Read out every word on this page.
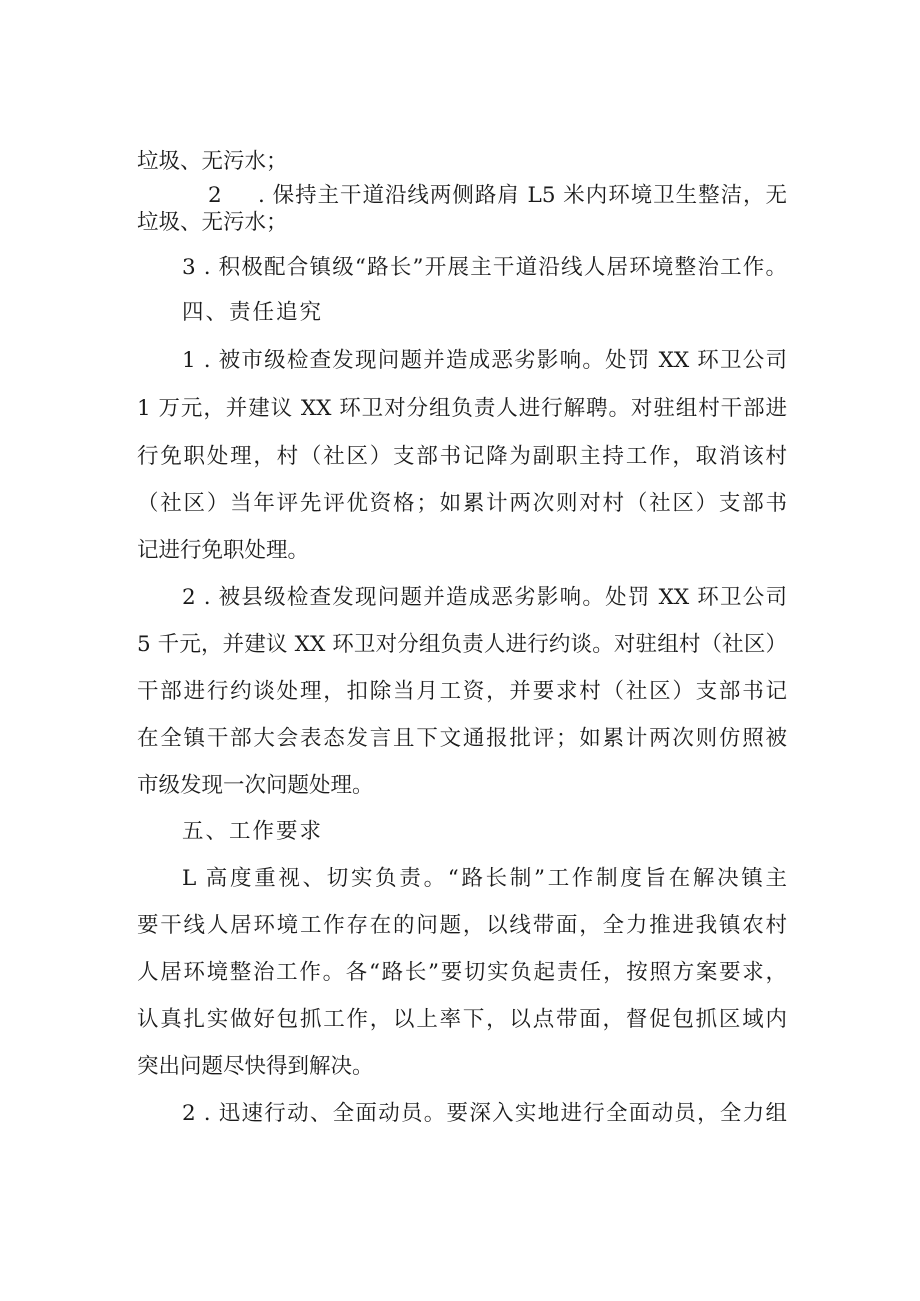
垃圾、无污水；
2 . 保持主干道沿线两侧路肩 L5 米内环境卫生整洁，无
垃圾、无污水；
3 . 积极配合镇级“路长”开展主干道沿线人居环境整治工作。
四、责任追究
1 . 被市级检查发现问题并造成恶劣影响。处罚 XX 环卫公司
1 万元，并建议 XX 环卫对分组负责人进行解聘。对驻组村干部进
行免职处理，村（社区）支部书记降为副职主持工作，取消该村
（社区）当年评先评优资格；如累计两次则对村（社区）支部书
记进行免职处理。
2 . 被县级检查发现问题并造成恶劣影响。处罚 XX 环卫公司
5 千元，并建议 XX 环卫对分组负责人进行约谈。对驻组村（社区）
干部进行约谈处理，扣除当月工资，并要求村（社区）支部书记
在全镇干部大会表态发言且下文通报批评；如累计两次则仿照被
市级发现一次问题处理。
五、工作要求
L 高度重视、切实负责。“路长制”工作制度旨在解决镇主
要干线人居环境工作存在的问题，以线带面，全力推进我镇农村
人居环境整治工作。各“路长”要切实负起责任，按照方案要求，
认真扎实做好包抓工作，以上率下，以点带面，督促包抓区域内
突出问题尽快得到解决。
2 . 迅速行动、全面动员。要深入实地进行全面动员，全力组
